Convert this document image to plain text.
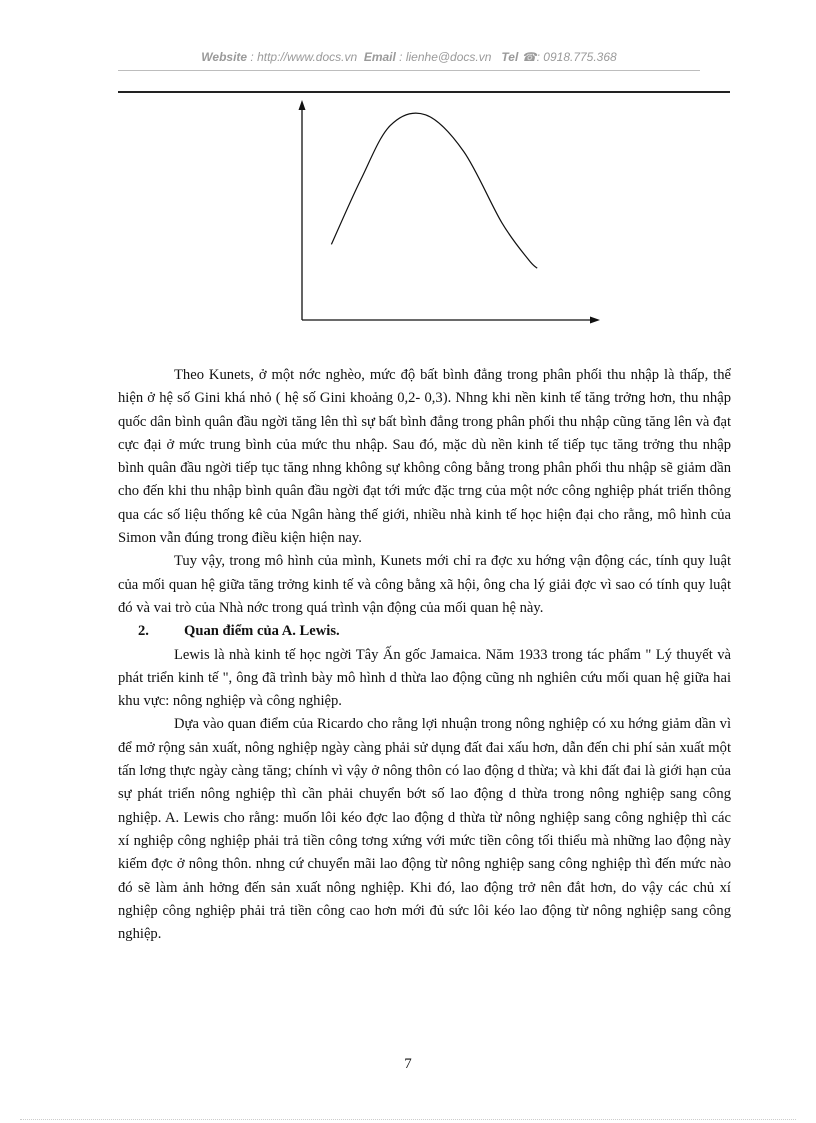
Website : http://www.docs.vn Email : lienhe@docs.vn Tel ☎: 0918.775.368

Theo Kunets, ở một nớc nghèo, mức độ bất bình đẳng trong phân phối thu nhập là thấp, thể hiện ở hệ số Gini khá nhỏ ( hệ số Gini khoảng 0,2- 0,3). Nhng khi nền kinh tế tăng trởng hơn, thu nhập quốc dân bình quân đầu ngời tăng lên thì sự bất bình đẳng trong phân phối thu nhập cũng tăng lên và đạt cực đại ở mức trung bình của mức thu nhập. Sau đó, mặc dù nền kinh tế tiếp tục tăng trởng thu nhập bình quân đầu ngời tiếp tục tăng nhng không sự không công bằng trong phân phối thu nhập sẽ giảm dần cho đến khi thu nhập bình quân đầu ngời đạt tới mức đặc trng của một nớc công nghiệp phát triển thông qua các số liệu thống kê của Ngân hàng thế giới, nhiều nhà kinh tế học hiện đại cho rằng, mô hình của Simon vẫn đúng trong điều kiện hiện nay.

Tuy vậy, trong mô hình của mình, Kunets mới chỉ ra đợc xu hớng vận động các, tính quy luật của mối quan hệ giữa tăng trởng kinh tế và công bằng xã hội, ông cha lý giải đợc vì sao có tính quy luật đó và vai trò của Nhà nớc trong quá trình vận động của mối quan hệ này.

2. Quan điểm của A. Lewis.

Lewis là nhà kinh tế học ngời Tây Ấn gốc Jamaica. Năm 1933 trong tác phẩm " Lý thuyết và phát triển kinh tế ", ông đã trình bày mô hình d thừa lao động cũng nh nghiên cứu mối quan hệ giữa hai khu vực: nông nghiệp và công nghiệp.

Dựa vào quan điểm của Ricardo cho rằng lợi nhuận trong nông nghiệp có xu hớng giảm dần vì để mở rộng sản xuất, nông nghiệp ngày càng phải sử dụng đất đai xấu hơn, dẫn đến chi phí sản xuất một tấn lơng thực ngày càng tăng; chính vì vậy ở nông thôn có lao động d thừa; và khi đất đai là giới hạn của sự phát triển nông nghiệp thì cần phải chuyển bớt số lao động d thừa trong nông nghiệp sang công nghiệp. A. Lewis cho rằng: muốn lôi kéo đợc lao động d thừa từ nông nghiệp sang công nghiệp thì các xí nghiệp công nghiệp phải trả tiền công tơng xứng với mức tiền công tối thiểu mà những lao động này kiếm đợc ở nông thôn. nhng cứ chuyển mãi lao động từ nông nghiệp sang công nghiệp thì đến mức nào đó sẽ làm ảnh hởng đến sản xuất nông nghiệp. Khi đó, lao động trở nên đắt hơn, do vậy các chủ xí nghiệp công nghiệp phải trả tiền công cao hơn mới đủ sức lôi kéo lao động từ nông nghiệp sang công nghiệp.

7
